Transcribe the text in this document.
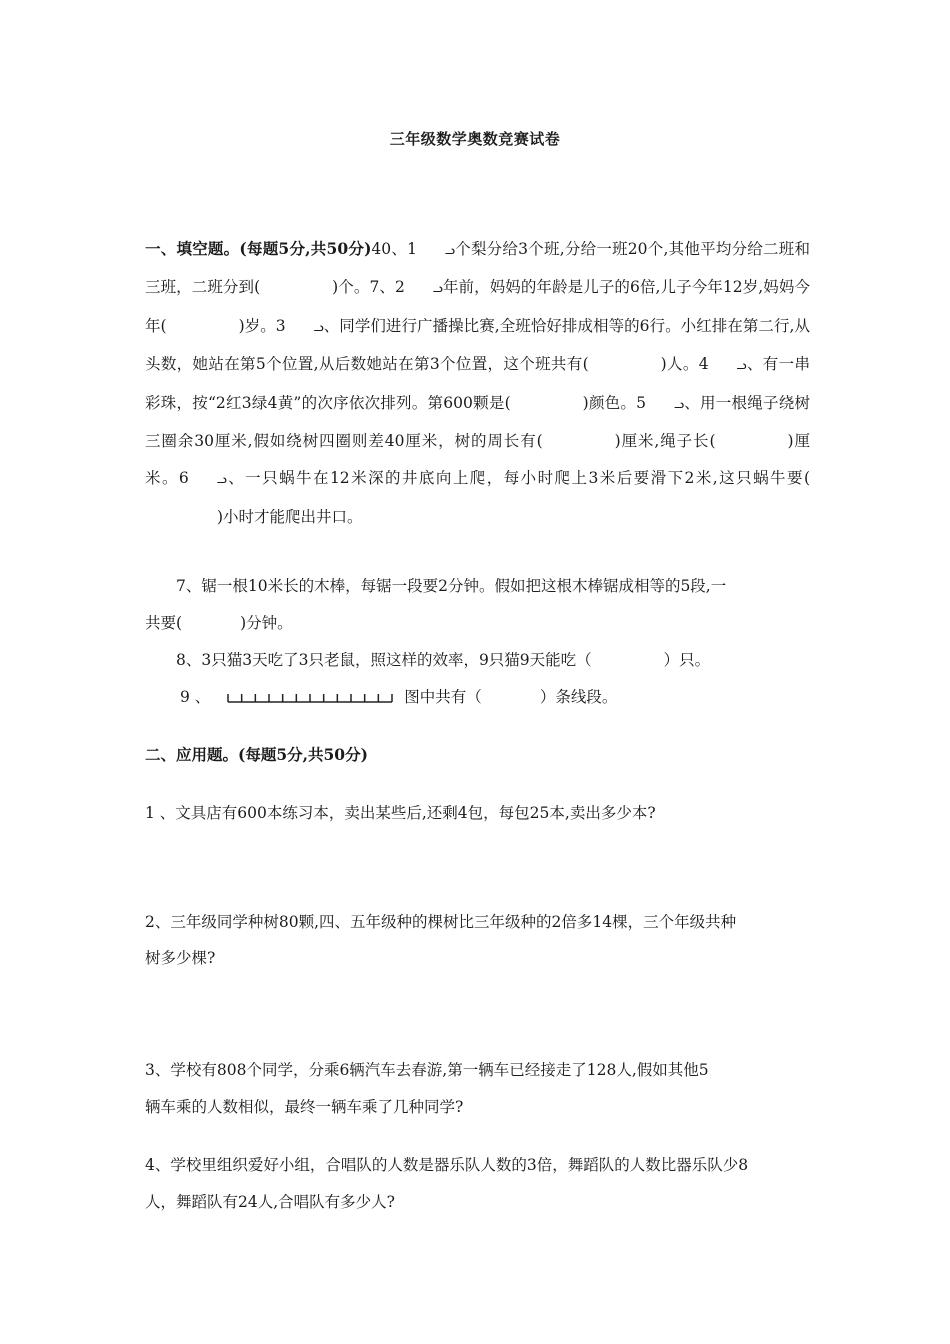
三年级数学奥数竞赛试卷
一、填空题。(每题5分,共50分)40、1 ᓗ个梨分给3个班,分给一班20个,其他平均分给二班和三班，二班分到(	)个。7、2 ᓗ年前，妈妈的年龄是儿子的6倍,儿子今年12岁,妈妈今年(	)岁。3 ᓗ、同学们进行广播操比赛,全班恰好排成相等的6行。小红排在第二行,从头数，她站在第5个位置,从后数她站在第3个位置，这个班共有(	)人。4 ᓗ、有一串彩珠，按“2红3绿4黄”的次序依次排列。第600颗是(	)颜色。5 ᓗ、用一根绳子绕树三圈余30厘米,假如绕树四圈则差40厘米，树的周长有(	)厘米,绳子长(	)厘米。6 ᓗ、一只蜗牛在12米深的井底向上爬，每小时爬上3米后要滑下2米,这只蜗牛要()小时才能爬出井口。
7、锯一根10米长的木棒，每锯一段要2分钟。假如把这根木棒锯成相等的5段,一
共要(	)分钟。
8、3只猫3天吃了3只老鼠，照这样的效率，9只猫9天能吃（	）只。
9 、	图中共有（	）条线段。
二、应用题。(每题5分,共50分)
1 、文具店有600本练习本，卖出某些后,还剩4包，每包25本,卖出多少本?
2、三年级同学种树80颗,四、五年级种的棵树比三年级种的2倍多14棵，三个年级共种
树多少棵?
3、学校有808个同学，分乘6辆汽车去春游,第一辆车已经接走了128人,假如其他5
辆车乘的人数相似，最终一辆车乘了几种同学?
4、学校里组织爱好小组，合唱队的人数是器乐队人数的3倍，舞蹈队的人数比器乐队少8
人，舞蹈队有24人,合唱队有多少人?
